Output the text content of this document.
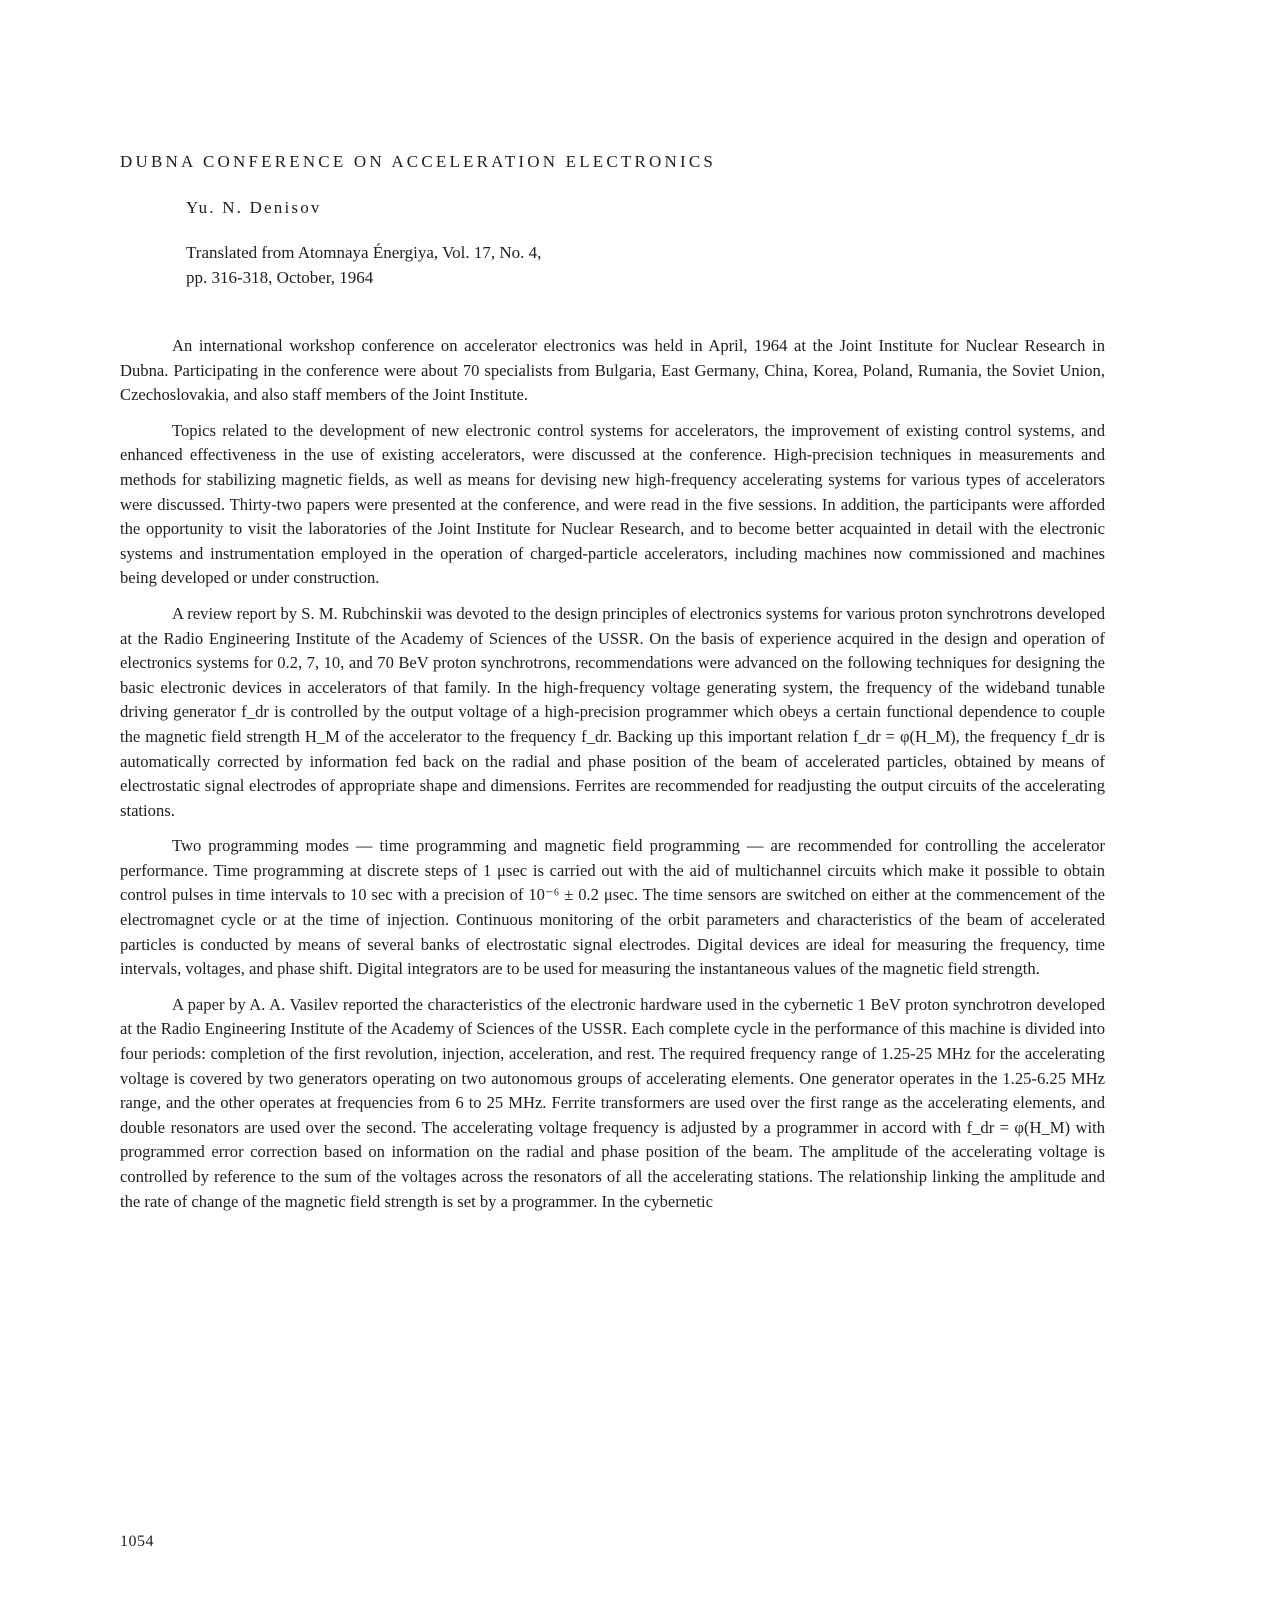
DUBNA CONFERENCE ON ACCELERATION ELECTRONICS
Yu. N. Denisov
Translated from Atomnaya Énergiya, Vol. 17, No. 4,
pp. 316-318, October, 1964

An international workshop conference on accelerator electronics was held in April, 1964 at the Joint Institute for Nuclear Research in Dubna. Participating in the conference were about 70 specialists from Bulgaria, East Germany, China, Korea, Poland, Rumania, the Soviet Union, Czechoslovakia, and also staff members of the Joint Institute.

Topics related to the development of new electronic control systems for accelerators, the improvement of existing control systems, and enhanced effectiveness in the use of existing accelerators, were discussed at the conference. High-precision techniques in measurements and methods for stabilizing magnetic fields, as well as means for devising new high-frequency accelerating systems for various types of accelerators were discussed. Thirty-two papers were presented at the conference, and were read in the five sessions. In addition, the participants were afforded the opportunity to visit the laboratories of the Joint Institute for Nuclear Research, and to become better acquainted in detail with the electronic systems and instrumentation employed in the operation of charged-particle accelerators, including machines now commissioned and machines being developed or under construction.

A review report by S. M. Rubchinskii was devoted to the design principles of electronics systems for various proton synchrotrons developed at the Radio Engineering Institute of the Academy of Sciences of the USSR. On the basis of experience acquired in the design and operation of electronics systems for 0.2, 7, 10, and 70 BeV proton synchrotrons, recommendations were advanced on the following techniques for designing the basic electronic devices in accelerators of that family. In the high-frequency voltage generating system, the frequency of the wideband tunable driving generator f_dr is controlled by the output voltage of a high-precision programmer which obeys a certain functional dependence to couple the magnetic field strength H_M of the accelerator to the frequency f_dr. Backing up this important relation f_dr = φ(H_M), the frequency f_dr is automatically corrected by information fed back on the radial and phase position of the beam of accelerated particles, obtained by means of electrostatic signal electrodes of appropriate shape and dimensions. Ferrites are recommended for readjusting the output circuits of the accelerating stations.

Two programming modes — time programming and magnetic field programming — are recommended for controlling the accelerator performance. Time programming at discrete steps of 1 μsec is carried out with the aid of multichannel circuits which make it possible to obtain control pulses in time intervals to 10 sec with a precision of 10⁻⁶ ± 0.2 μsec. The time sensors are switched on either at the commencement of the electromagnet cycle or at the time of injection. Continuous monitoring of the orbit parameters and characteristics of the beam of accelerated particles is conducted by means of several banks of electrostatic signal electrodes. Digital devices are ideal for measuring the frequency, time intervals, voltages, and phase shift. Digital integrators are to be used for measuring the instantaneous values of the magnetic field strength.

A paper by A. A. Vasilev reported the characteristics of the electronic hardware used in the cybernetic 1 BeV proton synchrotron developed at the Radio Engineering Institute of the Academy of Sciences of the USSR. Each complete cycle in the performance of this machine is divided into four periods: completion of the first revolution, injection, acceleration, and rest. The required frequency range of 1.25-25 MHz for the accelerating voltage is covered by two generators operating on two autonomous groups of accelerating elements. One generator operates in the 1.25-6.25 MHz range, and the other operates at frequencies from 6 to 25 MHz. Ferrite transformers are used over the first range as the accelerating elements, and double resonators are used over the second. The accelerating voltage frequency is adjusted by a programmer in accord with f_dr = φ(H_M) with programmed error correction based on information on the radial and phase position of the beam. The amplitude of the accelerating voltage is controlled by reference to the sum of the voltages across the resonators of all the accelerating stations. The relationship linking the amplitude and the rate of change of the magnetic field strength is set by a programmer. In the cybernetic

1054
